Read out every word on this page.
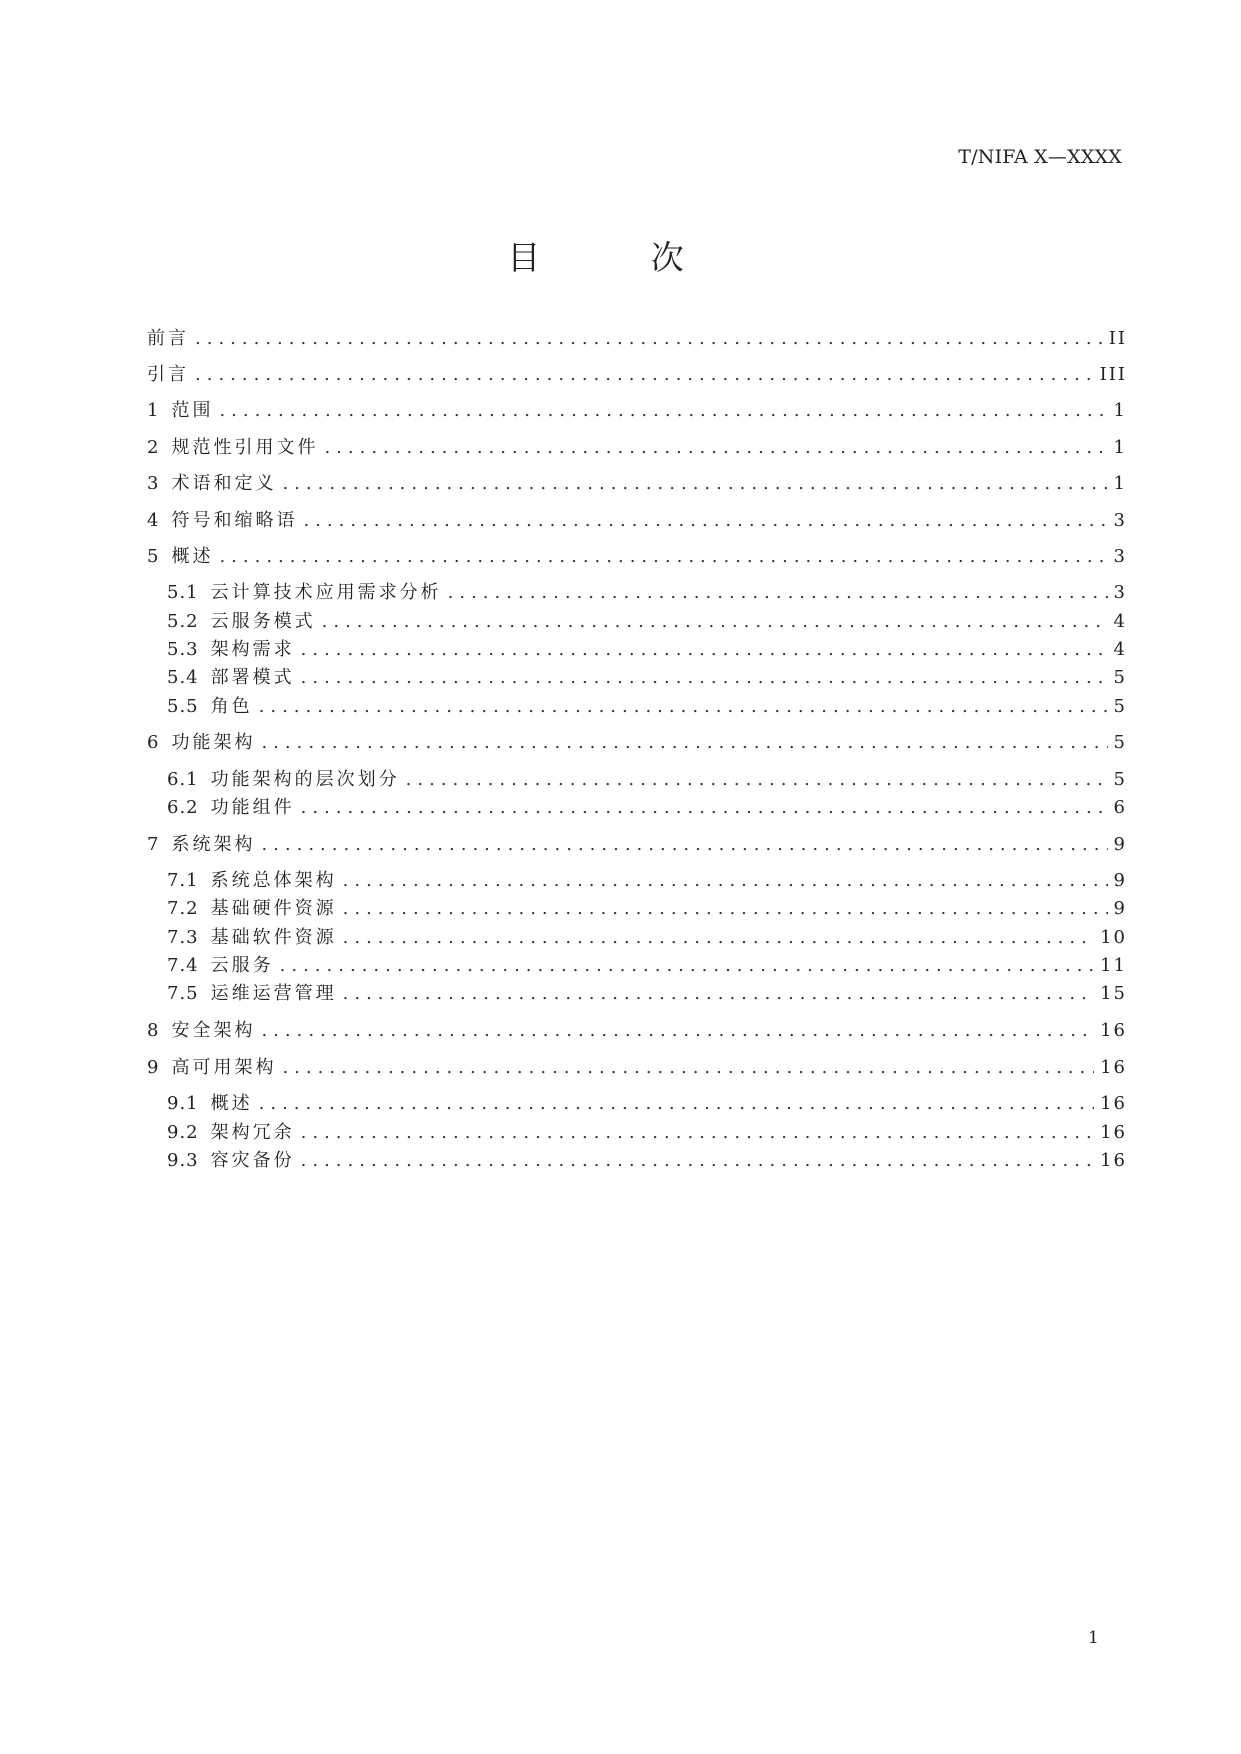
T/NIFA X—XXXX
目 次
前言 .....	II
引言 .....	III
1 范围 .....	1
2 规范性引用文件 .....	1
3 术语和定义 .....	1
4 符号和缩略语 .....	3
5 概述 .....	3
5.1 云计算技术应用需求分析 .....	3
5.2 云服务模式 .....	4
5.3 架构需求 .....	4
5.4 部署模式 .....	5
5.5 角色 .....	5
6 功能架构 .....	5
6.1 功能架构的层次划分 .....	5
6.2 功能组件 .....	6
7 系统架构 .....	9
7.1 系统总体架构 .....	9
7.2 基础硬件资源 .....	9
7.3 基础软件资源 .....	10
7.4 云服务 .....	11
7.5 运维运营管理 .....	15
8 安全架构 .....	16
9 高可用架构 .....	16
9.1 概述 .....	16
9.2 架构冗余 .....	16
9.3 容灾备份 .....	16
1
